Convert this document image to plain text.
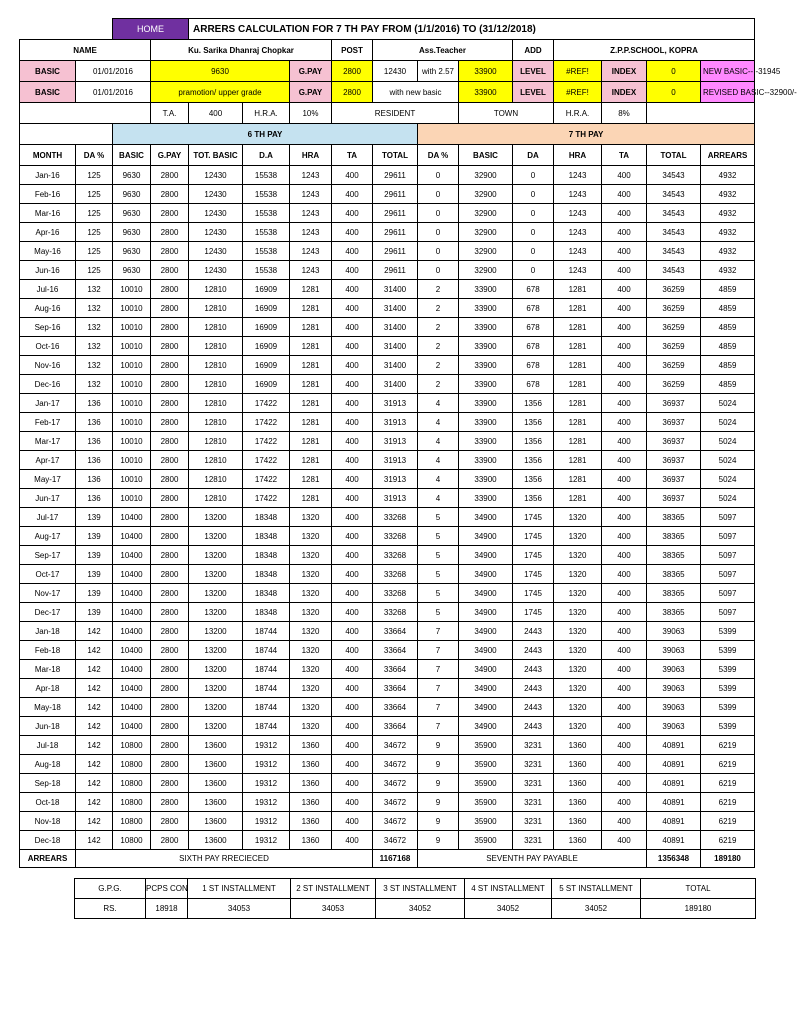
		HOME		ARRERS CALCULATION FOR 7 TH PAY FROM (1/1/2016) TO (31/12/2018)											
NAME			Ku. Sarika Dhanraj Chopkar				POST	Ass.Teacher			ADD	Z.P.P.SCHOOL, KOPRA			
BASIC	01/01/2016		9630			G.PAY	2800	12430	with 2.57	33900	LEVEL	#REF!	INDEX	0	NEW BASIC-- -31945
BASIC	01/01/2016		pramotion/ upper grade			G.PAY	2800	with new basic		33900	LEVEL	#REF!	INDEX	0	REVISED BASIC--32900/-
			T.A.	400	H.R.A.	10%	RESIDENT			TOWN		H.R.A.	8%		
		6 TH PAY							7 TH PAY						
MONTH	DA %	BASIC	G.PAY	TOT. BASIC	D.A	HRA	TA	TOTAL	DA %	BASIC	DA	HRA	TA	TOTAL	ARREARS
Jan-16	125	9630	2800	12430	15538	1243	400	29611	0	32900	0	1243	400	34543	4932
Feb-16	125	9630	2800	12430	15538	1243	400	29611	0	32900	0	1243	400	34543	4932
Mar-16	125	9630	2800	12430	15538	1243	400	29611	0	32900	0	1243	400	34543	4932
Apr-16	125	9630	2800	12430	15538	1243	400	29611	0	32900	0	1243	400	34543	4932
May-16	125	9630	2800	12430	15538	1243	400	29611	0	32900	0	1243	400	34543	4932
Jun-16	125	9630	2800	12430	15538	1243	400	29611	0	32900	0	1243	400	34543	4932
Jul-16	132	10010	2800	12810	16909	1281	400	31400	2	33900	678	1281	400	36259	4859
Aug-16	132	10010	2800	12810	16909	1281	400	31400	2	33900	678	1281	400	36259	4859
Sep-16	132	10010	2800	12810	16909	1281	400	31400	2	33900	678	1281	400	36259	4859
Oct-16	132	10010	2800	12810	16909	1281	400	31400	2	33900	678	1281	400	36259	4859
Nov-16	132	10010	2800	12810	16909	1281	400	31400	2	33900	678	1281	400	36259	4859
Dec-16	132	10010	2800	12810	16909	1281	400	31400	2	33900	678	1281	400	36259	4859
Jan-17	136	10010	2800	12810	17422	1281	400	31913	4	33900	1356	1281	400	36937	5024
Feb-17	136	10010	2800	12810	17422	1281	400	31913	4	33900	1356	1281	400	36937	5024
Mar-17	136	10010	2800	12810	17422	1281	400	31913	4	33900	1356	1281	400	36937	5024
Apr-17	136	10010	2800	12810	17422	1281	400	31913	4	33900	1356	1281	400	36937	5024
May-17	136	10010	2800	12810	17422	1281	400	31913	4	33900	1356	1281	400	36937	5024
Jun-17	136	10010	2800	12810	17422	1281	400	31913	4	33900	1356	1281	400	36937	5024
Jul-17	139	10400	2800	13200	18348	1320	400	33268	5	34900	1745	1320	400	38365	5097
Aug-17	139	10400	2800	13200	18348	1320	400	33268	5	34900	1745	1320	400	38365	5097
Sep-17	139	10400	2800	13200	18348	1320	400	33268	5	34900	1745	1320	400	38365	5097
Oct-17	139	10400	2800	13200	18348	1320	400	33268	5	34900	1745	1320	400	38365	5097
Nov-17	139	10400	2800	13200	18348	1320	400	33268	5	34900	1745	1320	400	38365	5097
Dec-17	139	10400	2800	13200	18348	1320	400	33268	5	34900	1745	1320	400	38365	5097
Jan-18	142	10400	2800	13200	18744	1320	400	33664	7	34900	2443	1320	400	39063	5399
Feb-18	142	10400	2800	13200	18744	1320	400	33664	7	34900	2443	1320	400	39063	5399
Mar-18	142	10400	2800	13200	18744	1320	400	33664	7	34900	2443	1320	400	39063	5399
Apr-18	142	10400	2800	13200	18744	1320	400	33664	7	34900	2443	1320	400	39063	5399
May-18	142	10400	2800	13200	18744	1320	400	33664	7	34900	2443	1320	400	39063	5399
Jun-18	142	10400	2800	13200	18744	1320	400	33664	7	34900	2443	1320	400	39063	5399
Jul-18	142	10800	2800	13600	19312	1360	400	34672	9	35900	3231	1360	400	40891	6219
Aug-18	142	10800	2800	13600	19312	1360	400	34672	9	35900	3231	1360	400	40891	6219
Sep-18	142	10800	2800	13600	19312	1360	400	34672	9	35900	3231	1360	400	40891	6219
Oct-18	142	10800	2800	13600	19312	1360	400	34672	9	35900	3231	1360	400	40891	6219
Nov-18	142	10800	2800	13600	19312	1360	400	34672	9	35900	3231	1360	400	40891	6219
Dec-18	142	10800	2800	13600	19312	1360	400	34672	9	35900	3231	1360	400	40891	6219
ARREARS	SIXTH PAY RRECIECED							1167168	SEVENTH PAY PAYABLE					1356348	189180
G.P.G.	PCPS CON	1 ST INSTALLMENT	2 ST INSTALLMENT	3 ST INSTALLMENT	4 ST INSTALLMENT	5 ST INSTALLMENT	TOTAL
RS.	18918	34053	34053	34052	34052	34052	189180
